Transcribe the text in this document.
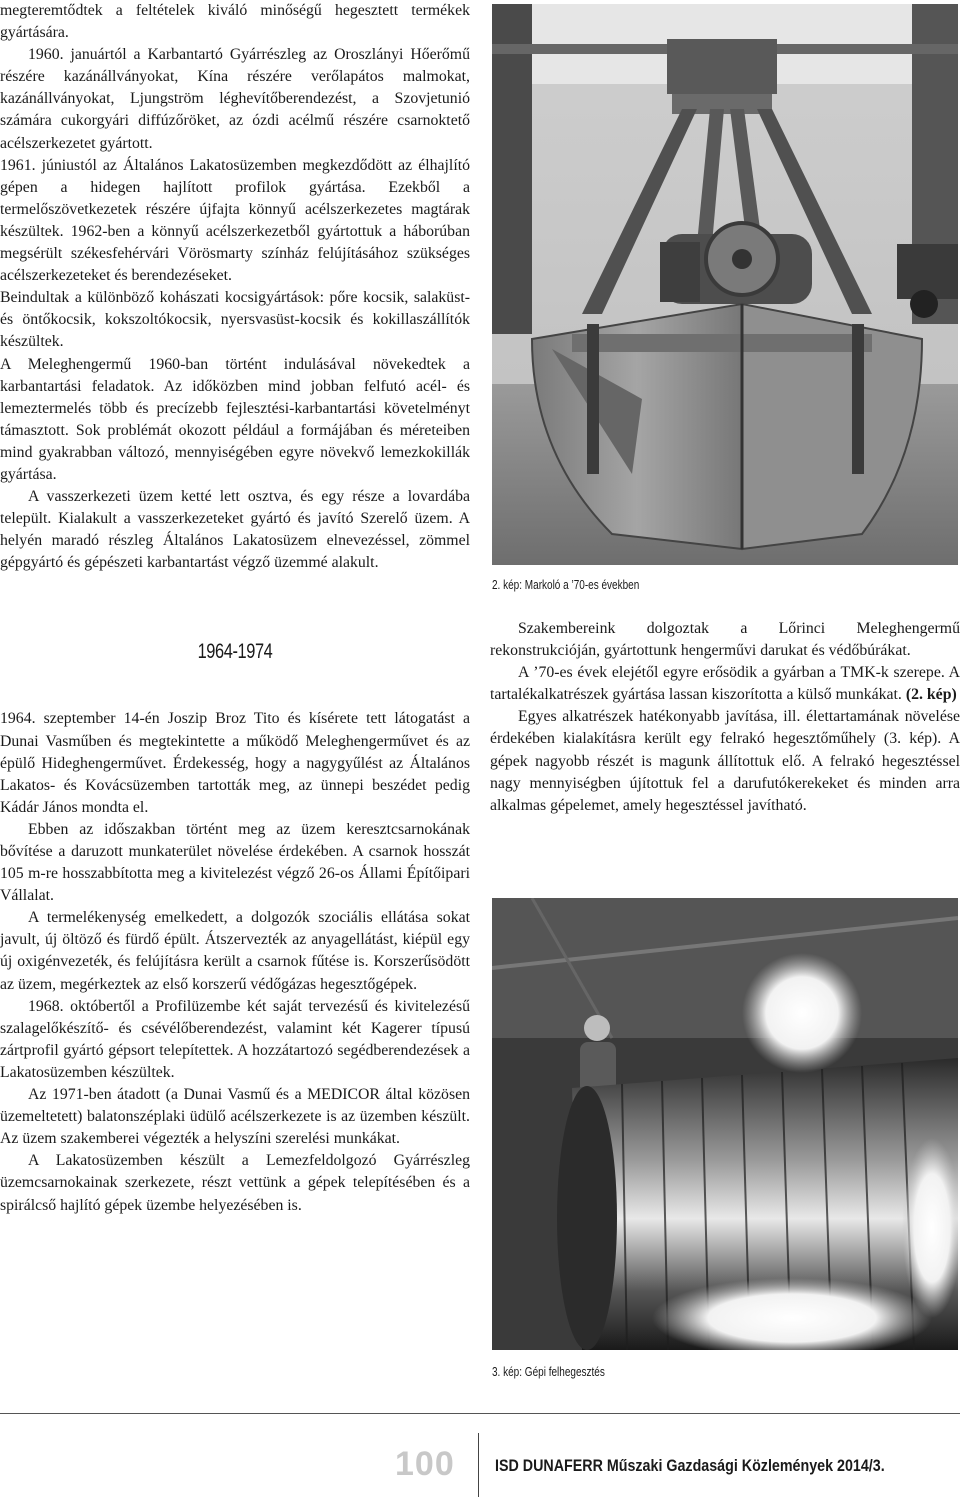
megteremtődtek a feltételek kiváló minőségű hegesztett termékek gyártására.

1960. januártól a Karbantartó Gyárrészleg az Oroszlányi Hőerőmű részére kazánállványokat, Kína részére verőlapátos malmokat, kazánállványokat, Ljungström léghevítőberendezést, a Szovjetunió számára cukorgyári diffúzőröket, az ózdi acélmű részére csarnoktető acélszerkezetet gyártott.

1961. júniustól az Általános Lakatosüzemben megkezdődött az élhajlító gépen a hidegen hajlított profilok gyártása. Ezekből a termelőszövetkezetek részére újfajta könnyű acélszerkezetes magtárak készültek. 1962-ben a könnyű acélszerkezetből gyártottuk a háborúban megsérült székesfehérvári Vörösmarty színház felújításához szükséges acélszerkezeteket és berendezéseket.

Beindultak a különböző kohászati kocsigyártások: pőre kocsik, salaküst- és öntőkocsik, kokszoltókocsik, nyersvasüst-kocsik és kokillaszállítók készültek.

A Meleghengermű 1960-ban történt indulásával növekedtek a karbantartási feladatok. Az időközben mind jobban felfutó acél- és lemeztermelés több és precízebb fejlesztési-karbantartási követelményt támasztott. Sok problémát okozott például a formájában és méreteiben mind gyakrabban változó, mennyiségében egyre növekvő lemezkokillák gyártása.

A vasszerkezeti üzem ketté lett osztva, és egy része a lovardába települt. Kialakult a vasszerkezeteket gyártó és javító Szerelő üzem. A helyén maradó részleg Általános Lakatosüzem elnevezéssel, zömmel gépgyártó és gépészeti karbantartást végző üzemmé alakult.

1964-1974

1964. szeptember 14-én Joszip Broz Tito és kísérete tett látogatást a Dunai Vasműben és megtekintette a működő Meleghengerművet és az épülő Hideghengerművet. Érdekesség, hogy a nagygyűlést az Általános Lakatos- és Kovácsüzemben tartották meg, az ünnepi beszédet pedig Kádár János mondta el.

Ebben az időszakban történt meg az üzem keresztcsarnokának bővítése a daruzott munkaterület növelése érdekében. A csarnok hosszát 105 m-re hosszabbította meg a kivitelezést végző 26-os Állami Építőipari Vállalat.

A termelékenység emelkedett, a dolgozók szociális ellátása sokat javult, új öltöző és fürdő épült. Átszervezték az anyagellátást, kiépül egy új oxigénvezeték, és felújításra került a csarnok fűtése is. Korszerűsödött az üzem, megérkeztek az első korszerű védőgázas hegesztőgépek.

1968. októbertől a Profilüzembe két saját tervezésű és kivitelezésű szalagelőkészítő- és csévélőberendezést, valamint két Kagerer típusú zártprofil gyártó gépsort telepítettek. A hozzátartozó segédberendezések a Lakatosüzemben készültek.

Az 1971-ben átadott (a Dunai Vasmű és a MEDICOR által közösen üzemeltetett) balatonszéplaki üdülő acélszerkezete is az üzemben készült. Az üzem szakemberei végezték a helyszíni szerelési munkákat.

A Lakatosüzemben készült a Lemezfeldolgozó Gyárrészleg üzemcsarnokainak szerkezete, részt vettünk a gépek telepítésében és a spirálcső hajlító gépek üzembe helyezésében is.

2. kép: Markoló a ’70-es években

Szakembereink dolgoztak a Lőrinci Meleghengermű rekonstrukcióján, gyártottunk hengerművi darukat és védőbúrákat.

A ’70-es évek elejétől egyre erősödik a gyárban a TMK-k szerepe. A tartalékalkatrészek gyártása lassan kiszorította a külső munkákat. (2. kép)

Egyes alkatrészek hatékonyabb javítása, ill. élettartamának növelése érdekében kialakításra került egy felrakó hegesztőműhely (3. kép). A gépek nagyobb részét is magunk állítottuk elő. A felrakó hegesztéssel nagy mennyiségben újítottuk fel a darufutókerekeket és minden arra alkalmas gépelemet, amely hegesztéssel javítható.

3. kép: Gépi felhegesztés
100 ISD DUNAFERR Műszaki Gazdasági Közlemények 2014/3.
